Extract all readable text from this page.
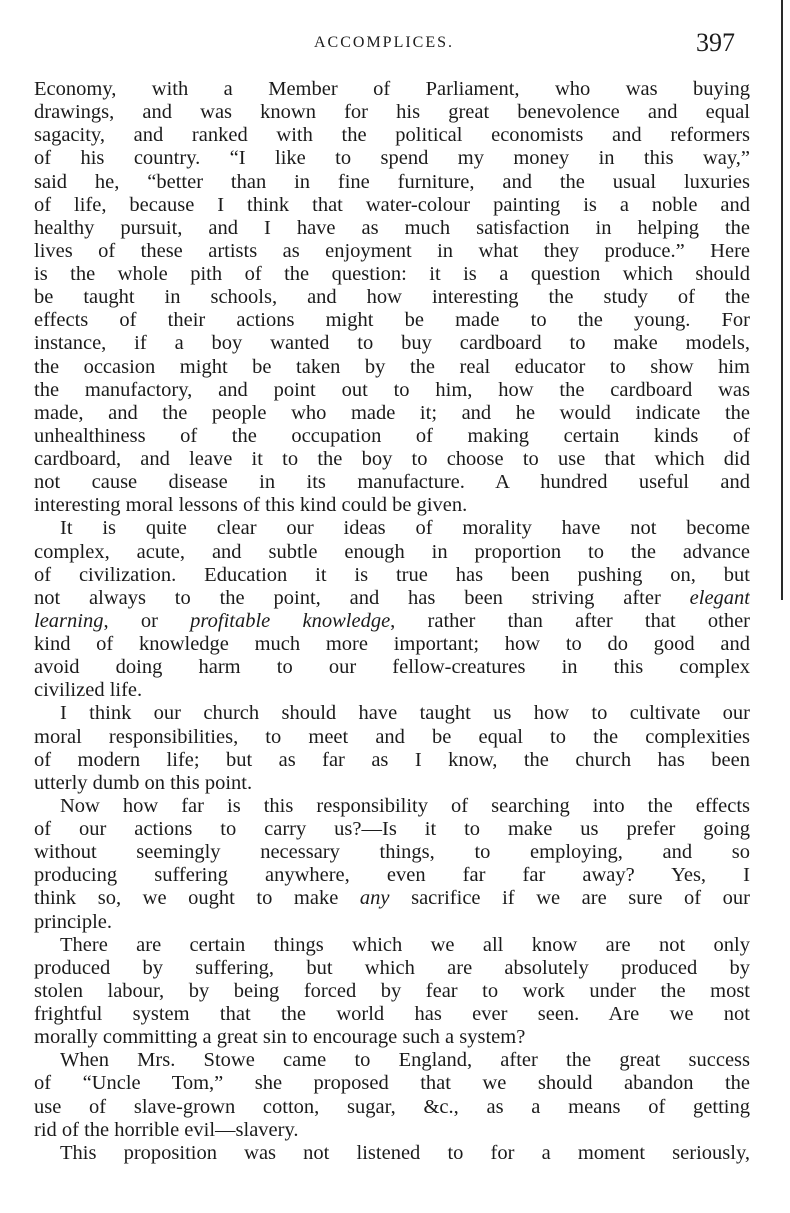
ACCOMPLICES.	397
Economy, with a Member of Parliament, who was buying
drawings, and was known for his great benevolence and equal
sagacity, and ranked with the political economists and reformers
of his country. “I like to spend my money in this way,”
said he, “better than in fine furniture, and the usual luxuries
of life, because I think that water-colour painting is a noble and
healthy pursuit, and I have as much satisfaction in helping the
lives of these artists as enjoyment in what they produce.” Here
is the whole pith of the question: it is a question which should
be taught in schools, and how interesting the study of the
effects of their actions might be made to the young. For
instance, if a boy wanted to buy cardboard to make models,
the occasion might be taken by the real educator to show him
the manufactory, and point out to him, how the cardboard was
made, and the people who made it; and he would indicate the
unhealthiness of the occupation of making certain kinds of
cardboard, and leave it to the boy to choose to use that which did
not cause disease in its manufacture. A hundred useful and
interesting moral lessons of this kind could be given.
It is quite clear our ideas of morality have not become
complex, acute, and subtle enough in proportion to the advance
of civilization. Education it is true has been pushing on, but
not always to the point, and has been striving after elegant
learning, or profitable knowledge, rather than after that other
kind of knowledge much more important; how to do good and
avoid doing harm to our fellow-creatures in this complex
civilized life.
I think our church should have taught us how to cultivate our
moral responsibilities, to meet and be equal to the complexities
of modern life; but as far as I know, the church has been
utterly dumb on this point.
Now how far is this responsibility of searching into the effects
of our actions to carry us?—Is it to make us prefer going
without seemingly necessary things, to employing, and so
producing suffering anywhere, even far far away? Yes, I
think so, we ought to make any sacrifice if we are sure of our
principle.
There are certain things which we all know are not only
produced by suffering, but which are absolutely produced by
stolen labour, by being forced by fear to work under the most
frightful system that the world has ever seen. Are we not
morally committing a great sin to encourage such a system?
When Mrs. Stowe came to England, after the great success
of “Uncle Tom,” she proposed that we should abandon the
use of slave-grown cotton, sugar, &c., as a means of getting
rid of the horrible evil—slavery.
This proposition was not listened to for a moment seriously,
